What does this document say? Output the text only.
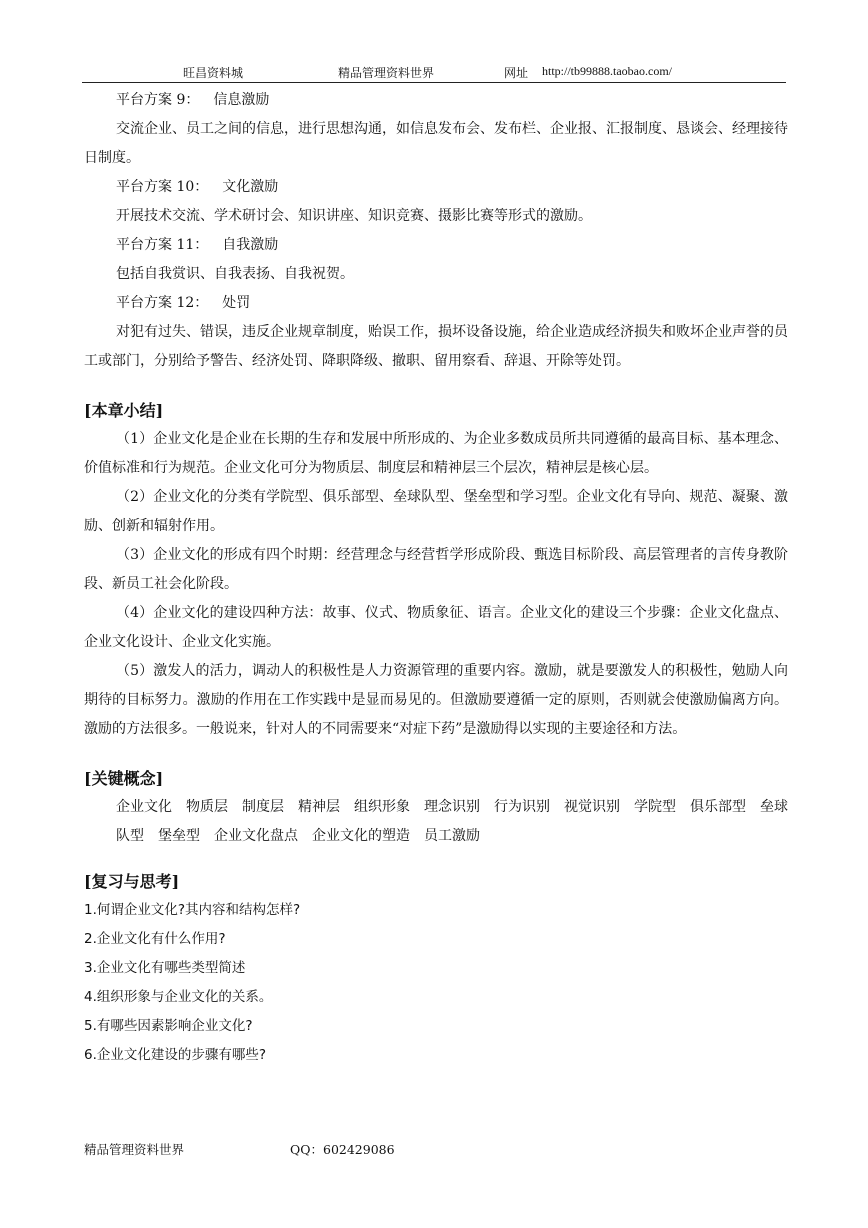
旺昌资料城	精品管理资料世界	网址 http://tb99888.taobao.com/

平台方案 9： 信息激励

交流企业、员工之间的信息，进行思想沟通，如信息发布会、发布栏、企业报、汇报制度、恳谈会、经理接待日制度。

平台方案 10： 文化激励

开展技术交流、学术研讨会、知识讲座、知识竞赛、摄影比赛等形式的激励。

平台方案 11： 自我激励

包括自我赏识、自我表扬、自我祝贺。

平台方案 12： 处罚

对犯有过失、错误，违反企业规章制度，贻误工作，损坏设备设施，给企业造成经济损失和败坏企业声誉的员工或部门，分别给予警告、经济处罚、降职降级、撤职、留用察看、辞退、开除等处罚。

[本章小结]

（1）企业文化是企业在长期的生存和发展中所形成的、为企业多数成员所共同遵循的最高目标、基本理念、价值标准和行为规范。企业文化可分为物质层、制度层和精神层三个层次，精神层是核心层。

（2）企业文化的分类有学院型、俱乐部型、垒球队型、堡垒型和学习型。企业文化有导向、规范、凝聚、激励、创新和辐射作用。

（3）企业文化的形成有四个时期：经营理念与经营哲学形成阶段、甄选目标阶段、高层管理者的言传身教阶段、新员工社会化阶段。

（4）企业文化的建设四种方法：故事、仪式、物质象征、语言。企业文化的建设三个步骤：企业文化盘点、企业文化设计、企业文化实施。

（5）激发人的活力，调动人的积极性是人力资源管理的重要内容。激励，就是要激发人的积极性，勉励人向期待的目标努力。激励的作用在工作实践中是显而易见的。但激励要遵循一定的原则，否则就会使激励偏离方向。激励的方法很多。一般说来，针对人的不同需要来“对症下药”是激励得以实现的主要途径和方法。

[关键概念]

企业文化 物质层 制度层 精神层 组织形象 理念识别 行为识别 视觉识别 学院型 俱乐部型 垒球队型 堡垒型 企业文化盘点 企业文化的塑造 员工激励

[复习与思考]

1.何谓企业文化?其内容和结构怎样?

2.企业文化有什么作用?

3.企业文化有哪些类型简述

4.组织形象与企业文化的关系。

5.有哪些因素影响企业文化?

6.企业文化建设的步骤有哪些?

精品管理资料世界	QQ：602429086
